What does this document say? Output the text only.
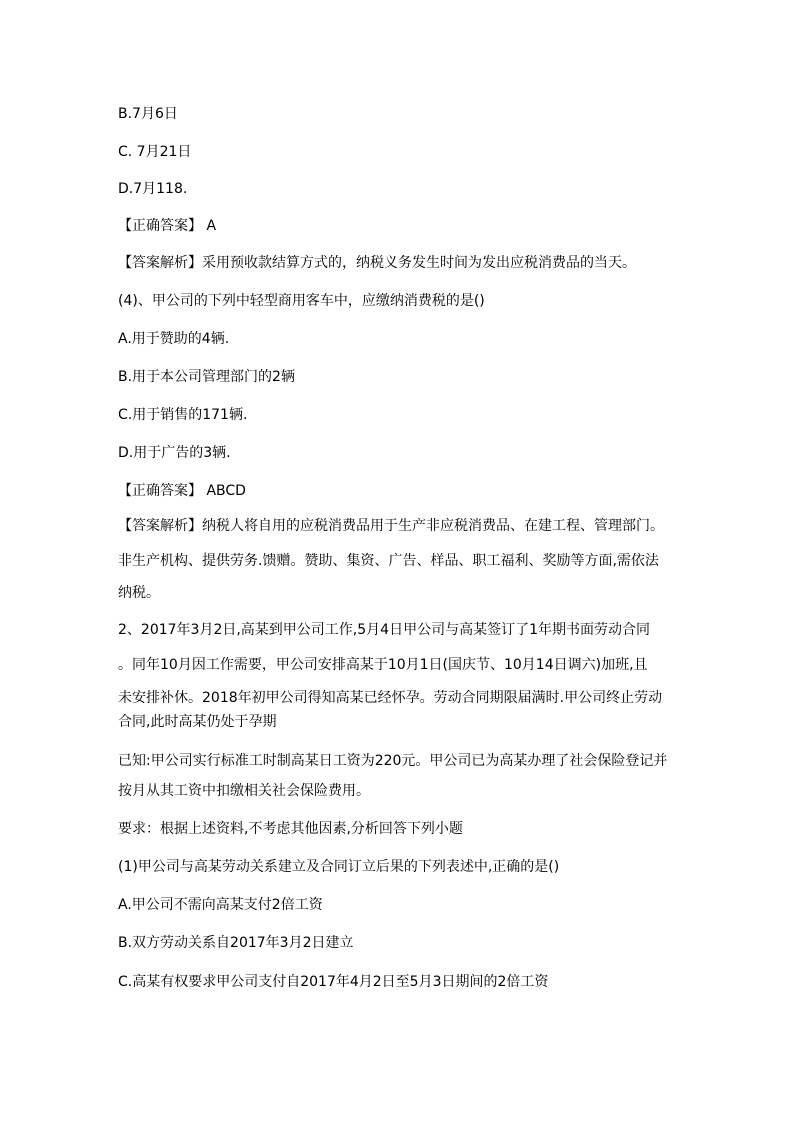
B.7月6日
C. 7月21日
D.7月118.
【正确答案】 A
【答案解析】采用预收款结算方式的，纳税义务发生时间为发出应税消费品的当天。
(4)、甲公司的下列中轻型商用客车中，应缴纳消费税的是()
A.用于赞助的4辆.
B.用于本公司管理部门的2辆
C.用于销售的171辆.
D.用于广告的3辆.
【正确答案】 ABCD
【答案解析】纳税人将自用的应税消费品用于生产非应税消费品、在建工程、管理部门。
非生产机构、提供劳务.馈赠。赞助、集资、广告、样品、职工福利、奖励等方面,需依法
纳税。
2、2017年3月2日,高某到甲公司工作,5月4日甲公司与高某签订了1年期书面劳动合同
。同年10月因工作需要，甲公司安排高某于10月1日(国庆节、10月14日调六)加班,且
未安排补休。2018年初甲公司得知高某已经怀孕。劳动合同期限届满时.甲公司终止劳动
合同,此时高某仍处于孕期
已知:甲公司实行标准工时制高某日工资为220元。甲公司已为高某办理了社会保险登记并
按月从其工资中扣缴相关社会保险费用。
要求：根据上述资料,不考虑其他因素,分析回答下列小题
(1)甲公司与高某劳动关系建立及合同订立后果的下列表述中,正确的是()
A.甲公司不需向高某支付2倍工资
B.双方劳动关系自2017年3月2日建立
C.高某有权要求甲公司支付自2017年4月2日至5月3日期间的2倍工资
